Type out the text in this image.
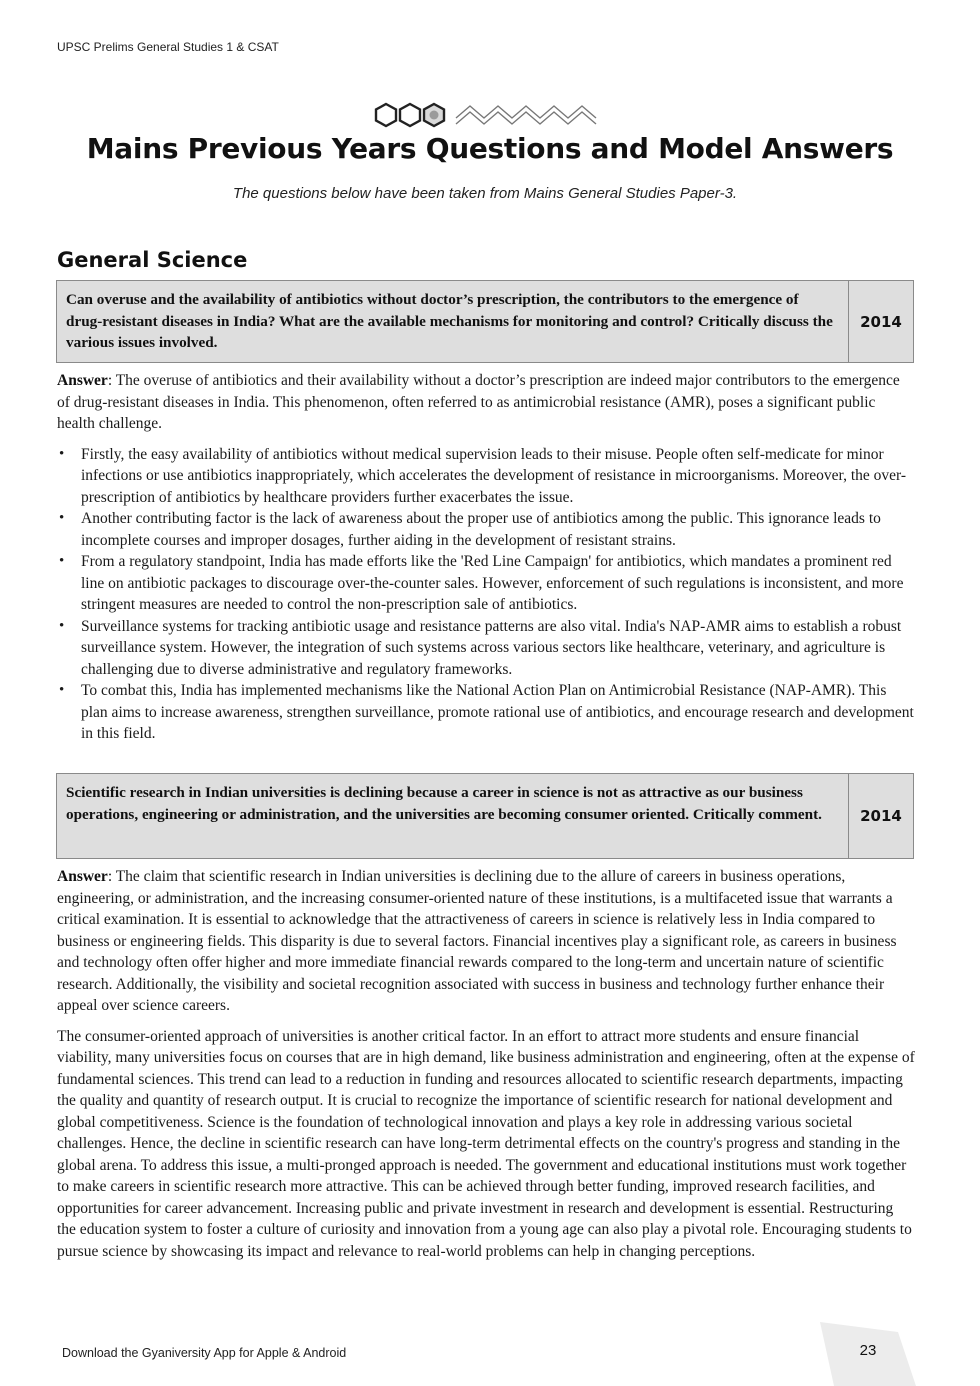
UPSC Prelims General Studies 1 & CSAT
Mains Previous Years Questions and Model Answers
The questions below have been taken from Mains General Studies Paper-3.
General Science
Can overuse and the availability of antibiotics without doctor’s prescription, the contributors to the emergence of drug-resistant diseases in India? What are the available mechanisms for monitoring and control? Critically discuss the various issues involved.
2014

Answer: The overuse of antibiotics and their availability without a doctor’s prescription are indeed major contributors to the emergence of drug-resistant diseases in India. This phenomenon, often referred to as antimicrobial resistance (AMR), poses a significant public health challenge.

• Firstly, the easy availability of antibiotics without medical supervision leads to their misuse. People often self-medicate for minor infections or use antibiotics inappropriately, which accelerates the development of resistance in microorganisms. Moreover, the over-prescription of antibiotics by healthcare providers further exacerbates the issue.
• Another contributing factor is the lack of awareness about the proper use of antibiotics among the public. This ignorance leads to incomplete courses and improper dosages, further aiding in the development of resistant strains.
• From a regulatory standpoint, India has made efforts like the 'Red Line Campaign' for antibiotics, which mandates a prominent red line on antibiotic packages to discourage over-the-counter sales. However, enforcement of such regulations is inconsistent, and more stringent measures are needed to control the non-prescription sale of antibiotics.
• Surveillance systems for tracking antibiotic usage and resistance patterns are also vital. India's NAP-AMR aims to establish a robust surveillance system. However, the integration of such systems across various sectors like healthcare, veterinary, and agriculture is challenging due to diverse administrative and regulatory frameworks.
• To combat this, India has implemented mechanisms like the National Action Plan on Antimicrobial Resistance (NAP-AMR). This plan aims to increase awareness, strengthen surveillance, promote rational use of antibiotics, and encourage research and development in this field.
Scientific research in Indian universities is declining because a career in science is not as attractive as our business operations, engineering or administration, and the universities are becoming consumer oriented. Critically comment.	2014

Answer: The claim that scientific research in Indian universities is declining due to the allure of careers in business operations, engineering, or administration, and the increasing consumer-oriented nature of these institutions, is a multifaceted issue that warrants a critical examination. It is essential to acknowledge that the attractiveness of careers in science is relatively less in India compared to business or engineering fields. This disparity is due to several factors. Financial incentives play a significant role, as careers in business and technology often offer higher and more immediate financial rewards compared to the long-term and uncertain nature of scientific research. Additionally, the visibility and societal recognition associated with success in business and technology further enhance their appeal over science careers.

The consumer-oriented approach of universities is another critical factor. In an effort to attract more students and ensure financial viability, many universities focus on courses that are in high demand, like business administration and engineering, often at the expense of fundamental sciences. This trend can lead to a reduction in funding and resources allocated to scientific research departments, impacting the quality and quantity of research output. It is crucial to recognize the importance of scientific research for national development and global competitiveness. Science is the foundation of technological innovation and plays a key role in addressing various societal challenges. Hence, the decline in scientific research can have long-term detrimental effects on the country's progress and standing in the global arena. To address this issue, a multi-pronged approach is needed. The government and educational institutions must work together to make careers in scientific research more attractive. This can be achieved through better funding, improved research facilities, and opportunities for career advancement. Increasing public and private investment in research and development is essential. Restructuring the education system to foster a culture of curiosity and innovation from a young age can also play a pivotal role. Encouraging students to pursue science by showcasing its impact and relevance to real-world problems can help in changing perceptions.

Download the Gyaniversity App for Apple & Android	23
